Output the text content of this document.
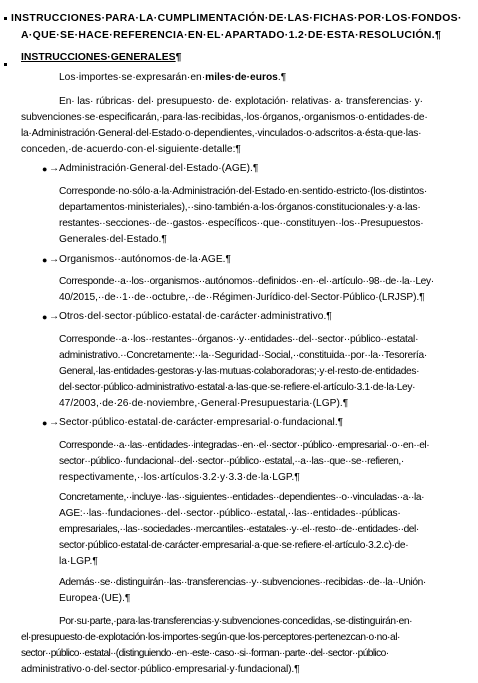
INSTRUCCIONES·PARA·LA·CUMPLIMENTACIÓN·DE·LAS·FICHAS·POR·LOS·FONDOS·
A·QUE·SE·HACE·REFERENCIA·EN·EL·APARTADO·1.2·DE·ESTA·RESOLUCIÓN.¶
INSTRUCCIONES·GENERALES¶
Los·importes·se·expresarán·en·miles·de·euros.¶
En· las· rúbricas· del· presupuesto· de· explotación· relativas· a· transferencias· y·
subvenciones·se·especificarán,·para·las·recibidas,·los·órganos,·organismos·o·entidades·de·
la·Administración·General·del·Estado·o·dependientes,·vinculados·o·adscritos·a·ésta·que·las·
conceden,·de·acuerdo·con·el·siguiente·detalle:¶
● → Administración·General·del·Estado·(AGE).¶
Corresponde·no·sólo·a·la·Administración·del·Estado·en·sentido·estricto·(los·distintos·
departamentos·ministeriales),··sino·también·a·los·órganos·constitucionales·y·a·las·
restantes··secciones··de··gastos··específicos··que··constituyen··los··Presupuestos·
Generales·del·Estado.¶
● → Organismos··autónomos·de·la·AGE.¶
Corresponde··a··los··organismos··autónomos··definidos··en··el··artículo··98··de··la··Ley·
40/2015,··de··1··de··octubre,··de··Régimen·Jurídico·del·Sector·Público·(LRJSP).¶
● → Otros·del·sector·público·estatal·de·carácter·administrativo.¶
Corresponde··a··los··restantes··órganos··y··entidades··del··sector··público··estatal·
administrativo.··Concretamente:··la··Seguridad··Social,··constituida··por··la··Tesorería·
General,·las·entidades·gestoras·y·las·mutuas·colaboradoras;·y·el·resto·de·entidades·
del·sector·público·administrativo·estatal·a·las·que·se·refiere·el·artículo·3.1·de·la·Ley·
47/2003,·de·26·de·noviembre,·General·Presupuestaria·(LGP).¶
● → Sector·público·estatal·de·carácter·empresarial·o·fundacional.¶
Corresponde··a··las··entidades··integradas··en··el··sector··público··empresarial··o··en··el·
sector··público··fundacional··del··sector··público··estatal,··a··las··que··se··refieren,·
respectivamente,··los·artículos·3.2·y·3.3·de·la·LGP.¶
Concretamente,··incluye··las··siguientes··entidades··dependientes··o··vinculadas··a··la·
AGE:··las··fundaciones··del··sector··público··estatal,··las··entidades··públicas·
empresariales,··las··sociedades··mercantiles··estatales··y··el··resto··de··entidades··del·
sector·público·estatal·de·carácter·empresarial·a·que·se·refiere·el·artículo·3.2.c)·de·
la·LGP.¶
Además··se··distinguirán··las··transferencias··y··subvenciones··recibidas··de··la··Unión·
Europea·(UE).¶
Por·su·parte,·para·las·transferencias·y·subvenciones·concedidas,·se·distinguirán·en·
el·presupuesto·de·explotación·los·importes·según·que·los·perceptores·pertenezcan·o·no·al·
sector··público··estatal··(distinguiendo··en··este··caso··si··forman··parte··del··sector··público·
administrativo·o·del·sector·público·empresarial·y·fundacional).¶
